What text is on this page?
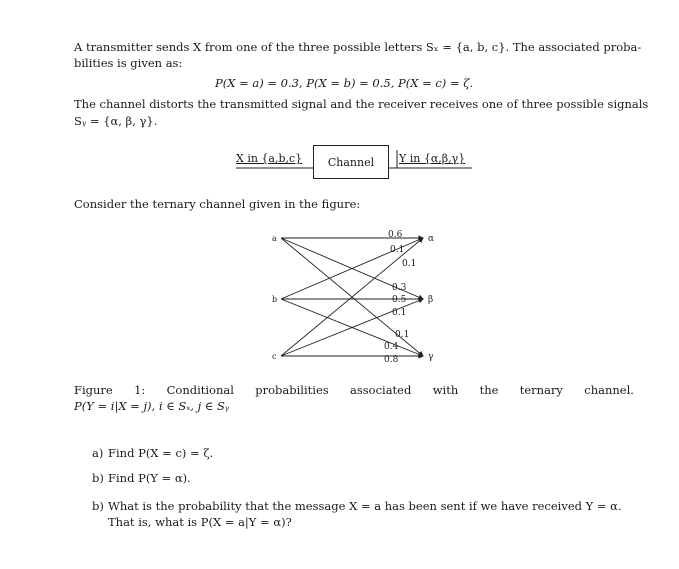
A transmitter sends X from one of the three possible letters Sₓ = {a, b, c}. The associated proba-
bilities is given as:
P(X = a) = 0.3, P(X = b) = 0.5, P(X = c) = ζ.
The channel distorts the transmitted signal and the receiver receives one of three possible signals
Sᵧ = {α, β, γ}.
X in {a,b,c} Channel Y in {α,β,γ}
Consider the ternary channel given in the figure:
a
b
c
α
β
γ
0.6
0.1
0.1
0.3
0.5
0.1
0.1
0.4
0.8
Figure 1: Conditional probabilities associated with the ternary channel.
P(Y = i|X = j), i ∈ Sₓ, j ∈ Sᵧ
a) Find P(X = c) = ζ.
b) Find P(Y = α).
b) What is the probability that the message X = a has been sent if we have received Y = α.
That is, what is P(X = a|Y = α)?
